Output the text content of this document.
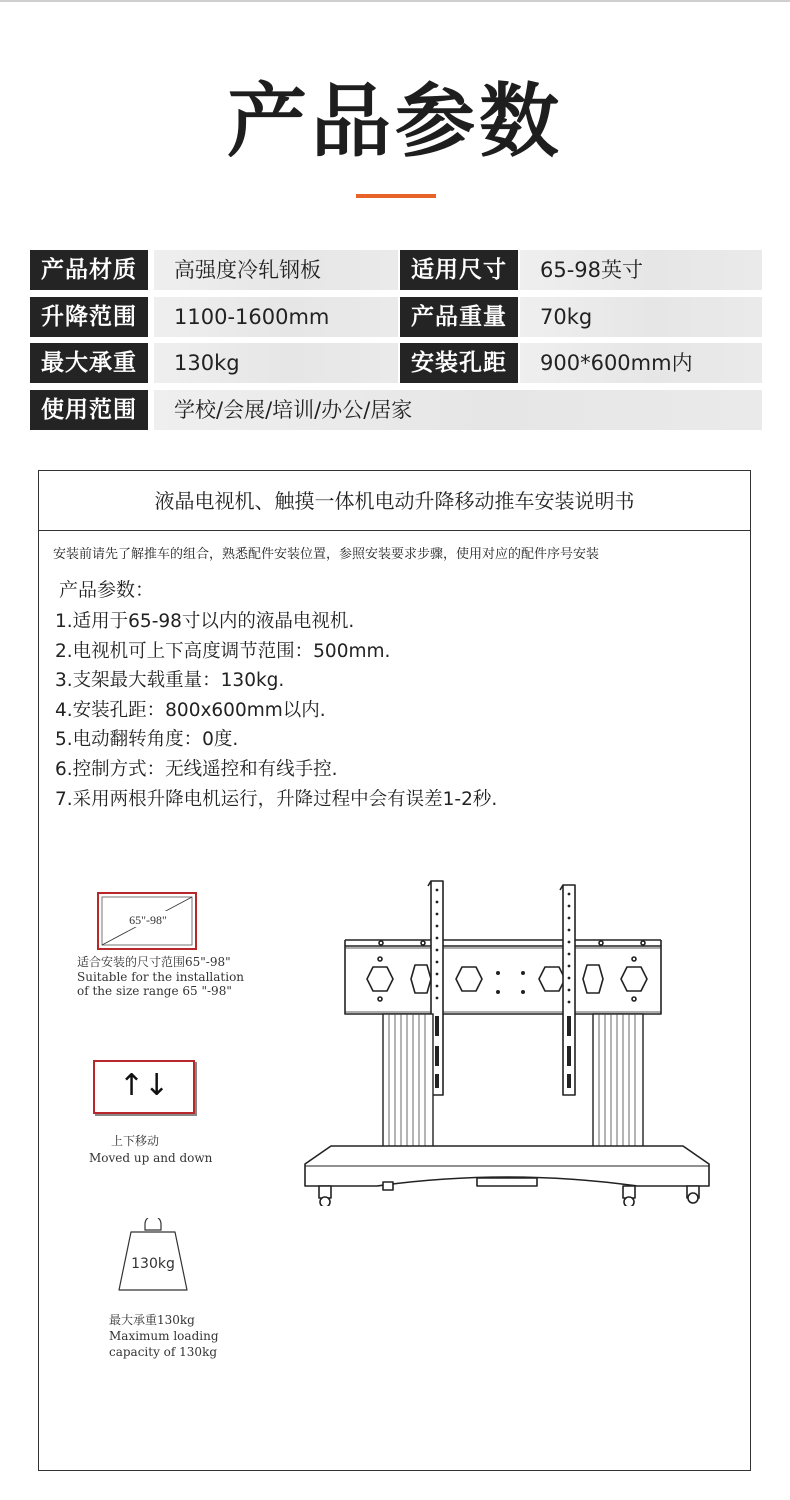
产品参数
产品材质	高强度冷轧钢板	适用尺寸	65-98英寸
升降范围	1100-1600mm	产品重量	70kg
最大承重	130kg	安装孔距	900*600mm内
使用范围	学校/会展/培训/办公/居家
液晶电视机、触摸一体机电动升降移动推车安装说明书
安装前请先了解推车的组合，熟悉配件安装位置，参照安装要求步骤，使用对应的配件序号安装
产品参数：
1.适用于65-98寸以内的液晶电视机.
2.电视机可上下高度调节范围：500mm.
3.支架最大载重量：130kg.
4.安装孔距：800x600mm以内.
5.电动翻转角度：0度.
6.控制方式：无线遥控和有线手控.
7.采用两根升降电机运行，升降过程中会有误差1-2秒.
65"-98"
适合安装的尺寸范围65"-98"
Suitable for the installation
of the size range 65 "-98"
↑↓
上下移动
Moved up and down
130kg
最大承重130kg
Maximum loading
capacity of 130kg
